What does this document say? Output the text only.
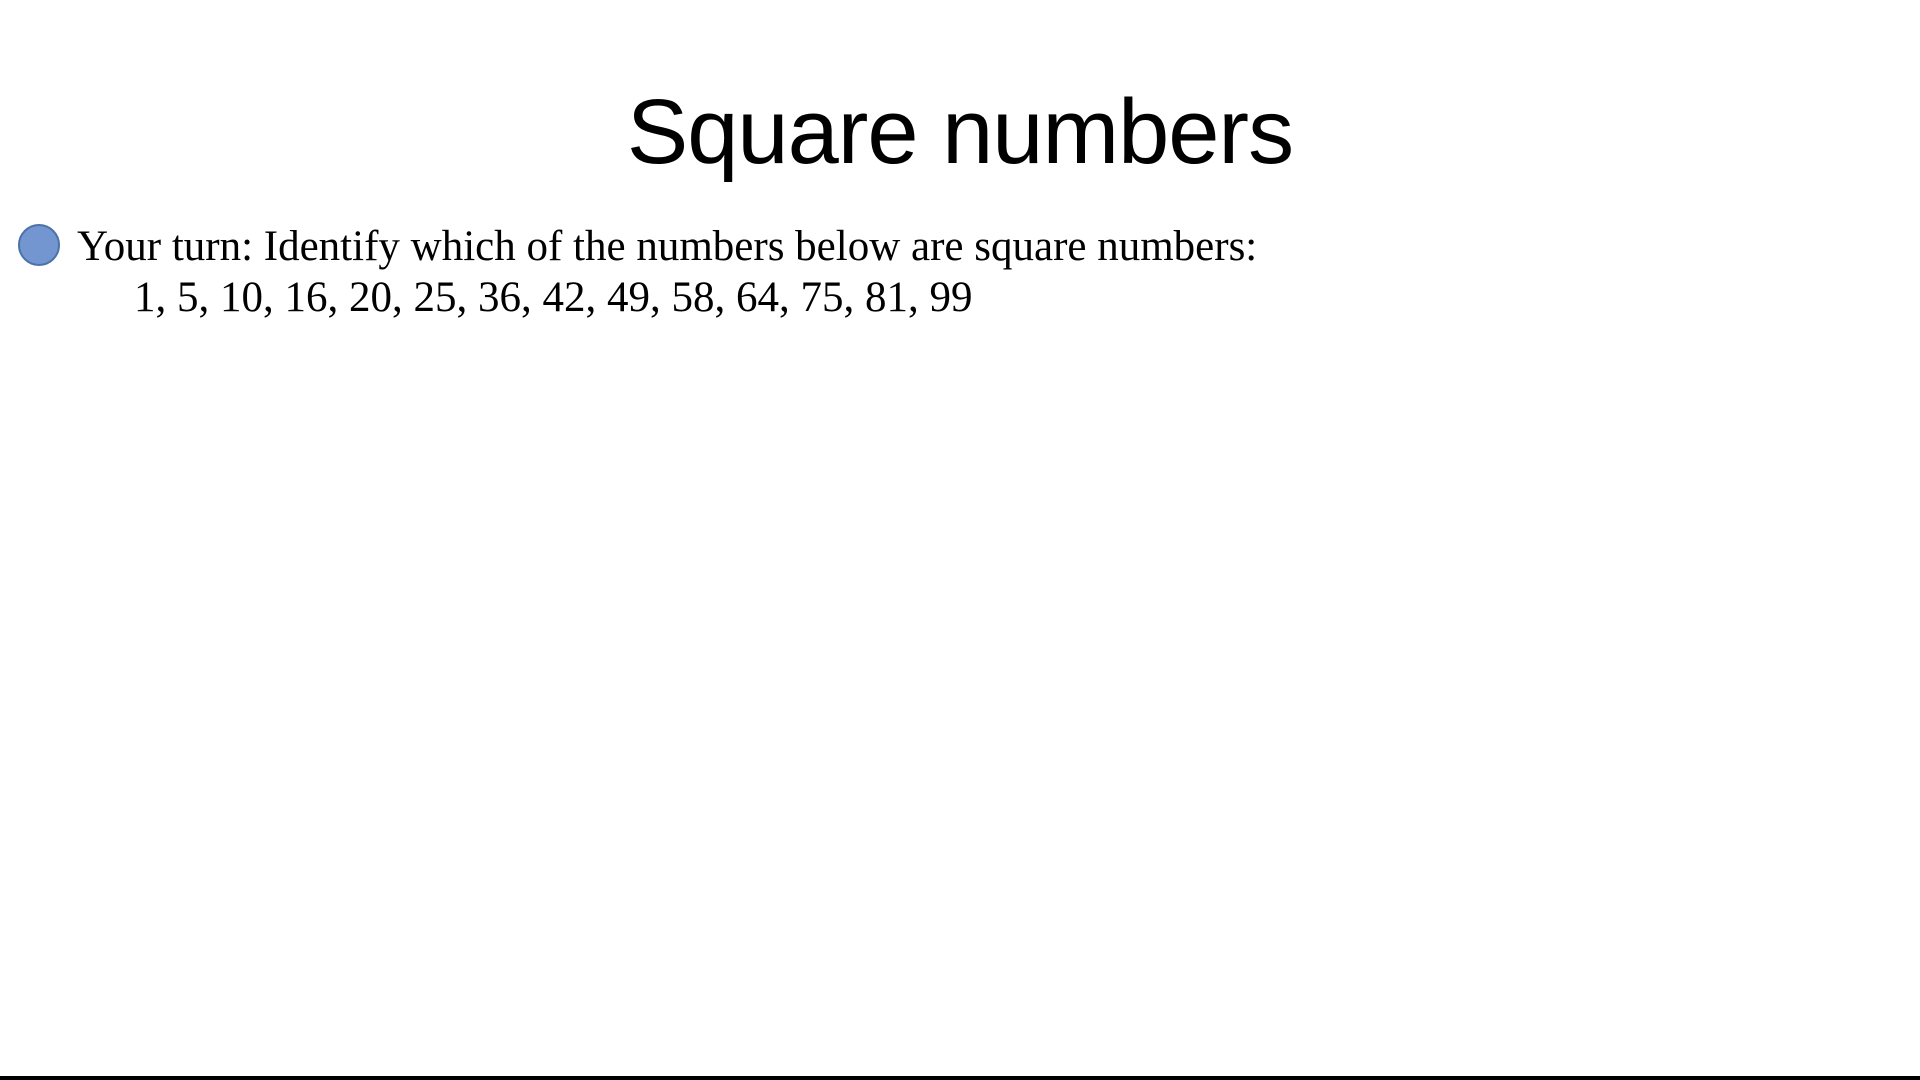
Square numbers
Your turn: Identify which of the numbers below are square numbers:
1, 5, 10, 16, 20, 25, 36, 42, 49, 58, 64, 75, 81, 99
